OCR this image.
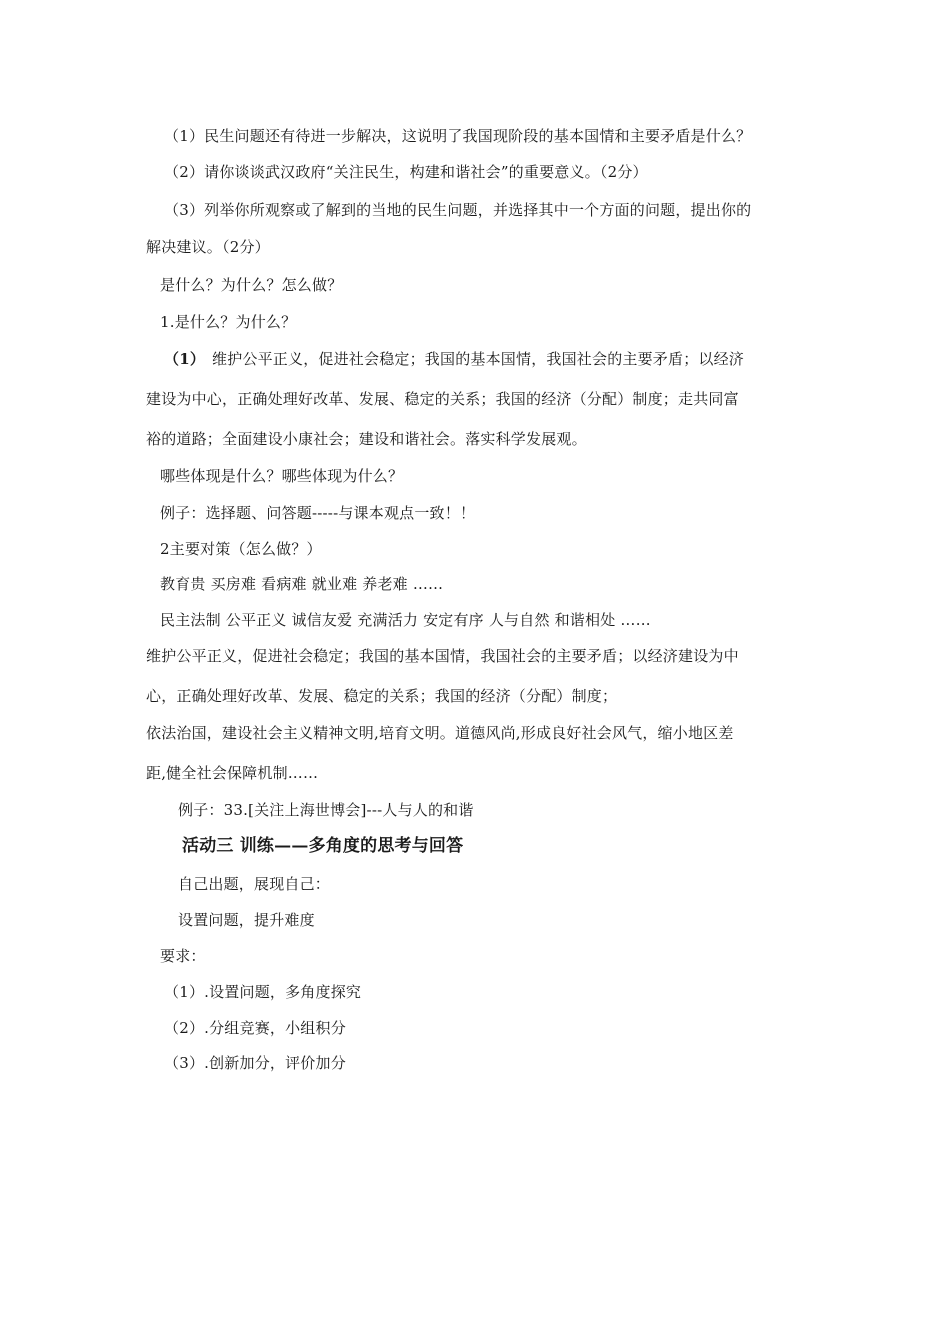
（1）民生问题还有待进一步解决，这说明了我国现阶段的基本国情和主要矛盾是什么？
（2）请你谈谈武汉政府“关注民生，构建和谐社会”的重要意义。（2分）
（3）列举你所观察或了解到的当地的民生问题，并选择其中一个方面的问题，提出你的
解决建议。（2分）
是什么？为什么？怎么做？
1.是什么？为什么？
（1） 维护公平正义，促进社会稳定；我国的基本国情，我国社会的主要矛盾；以经济
建设为中心，正确处理好改革、发展、稳定的关系；我国的经济（分配）制度；走共同富
裕的道路；全面建设小康社会；建设和谐社会。落实科学发展观。
哪些体现是什么？哪些体现为什么？
例子：选择题、问答题-----与课本观点一致！！
2主要对策（怎么做？）
教育贵 买房难 看病难 就业难 养老难 ……
民主法制 公平正义 诚信友爱 充满活力 安定有序 人与自然 和谐相处 ……
维护公平正义，促进社会稳定；我国的基本国情，我国社会的主要矛盾；以经济建设为中
心，正确处理好改革、发展、稳定的关系；我国的经济（分配）制度；
依法治国，建设社会主义精神文明,培育文明。道德风尚,形成良好社会风气，缩小地区差
距,健全社会保障机制……
例子：33.[关注上海世博会]---人与人的和谐
活动三 训练——多角度的思考与回答
自己出题，展现自己：
设置问题，提升难度
要求：
（1）.设置问题，多角度探究
（2）.分组竞赛，小组积分
（3）.创新加分，评价加分
